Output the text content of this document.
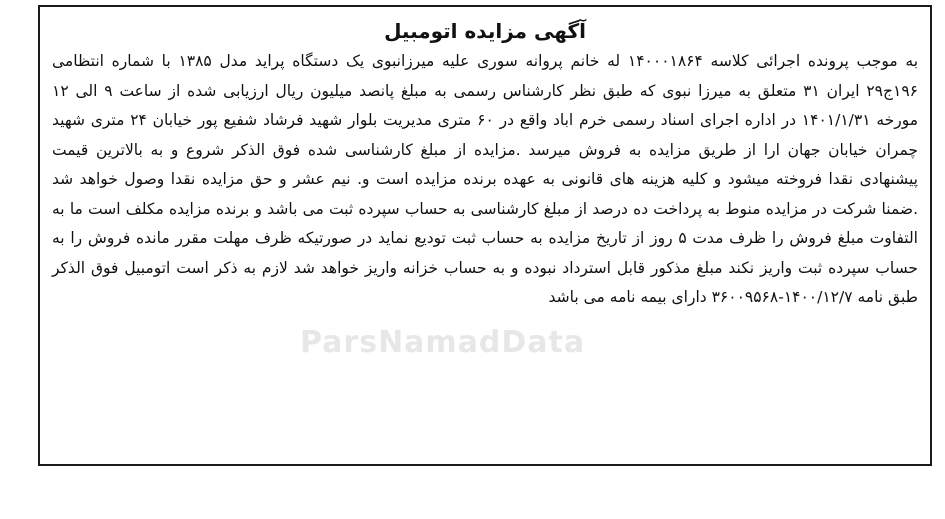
آگهی مزایده اتومبیل

به موجب پرونده اجرائی کلاسه ۱۴۰۰۰۱۸۶۴ له خانم پروانه سوری علیه میرزانبوی یک دستگاه پراید مدل ۱۳۸۵ با شماره انتظامی ۱۹۶ج۲۹ ایران ۳۱ متعلق به میرزا نبوی که طبق نظر کارشناس رسمی به مبلغ پانصد میلیون ریال ارزیابی شده از ساعت ۹ الی ۱۲ مورخه ۱۴۰۱/۱/۳۱ در اداره اجرای اسناد رسمی خرم اباد واقع در ۶۰ متری مدیریت بلوار شهید فرشاد شفیع پور خیابان ۲۴ متری شهید چمران خیابان جهان ارا از طریق مزایده به فروش میرسد .مزایده از مبلغ کارشناسی شده فوق الذکر شروع و به بالاترین قیمت پیشنهادی نقدا فروخته میشود و کلیه هزینه های قانونی به عهده برنده مزایده است و. نیم عشر و حق مزایده نقدا وصول خواهد شد .ضمنا شرکت در مزایده منوط به پرداخت ده درصد از مبلغ کارشناسی به حساب سپرده ثبت می باشد و برنده مزایده مکلف است ما به التفاوت مبلغ فروش را ظرف مدت ۵ روز از تاریخ مزایده به حساب ثبت تودیع نماید در صورتیکه ظرف مهلت مقرر مانده فروش را به حساب سپرده ثبت واریز نکند مبلغ مذکور قابل استرداد نبوده و به حساب خزانه واریز خواهد شد لازم به ذکر است اتومبیل فوق الذکر طبق نامه ۱۴۰۰/۱۲/۷-۳۶۰۰۹۵۶۸ دارای بیمه نامه می باشد

ParsNamadData
